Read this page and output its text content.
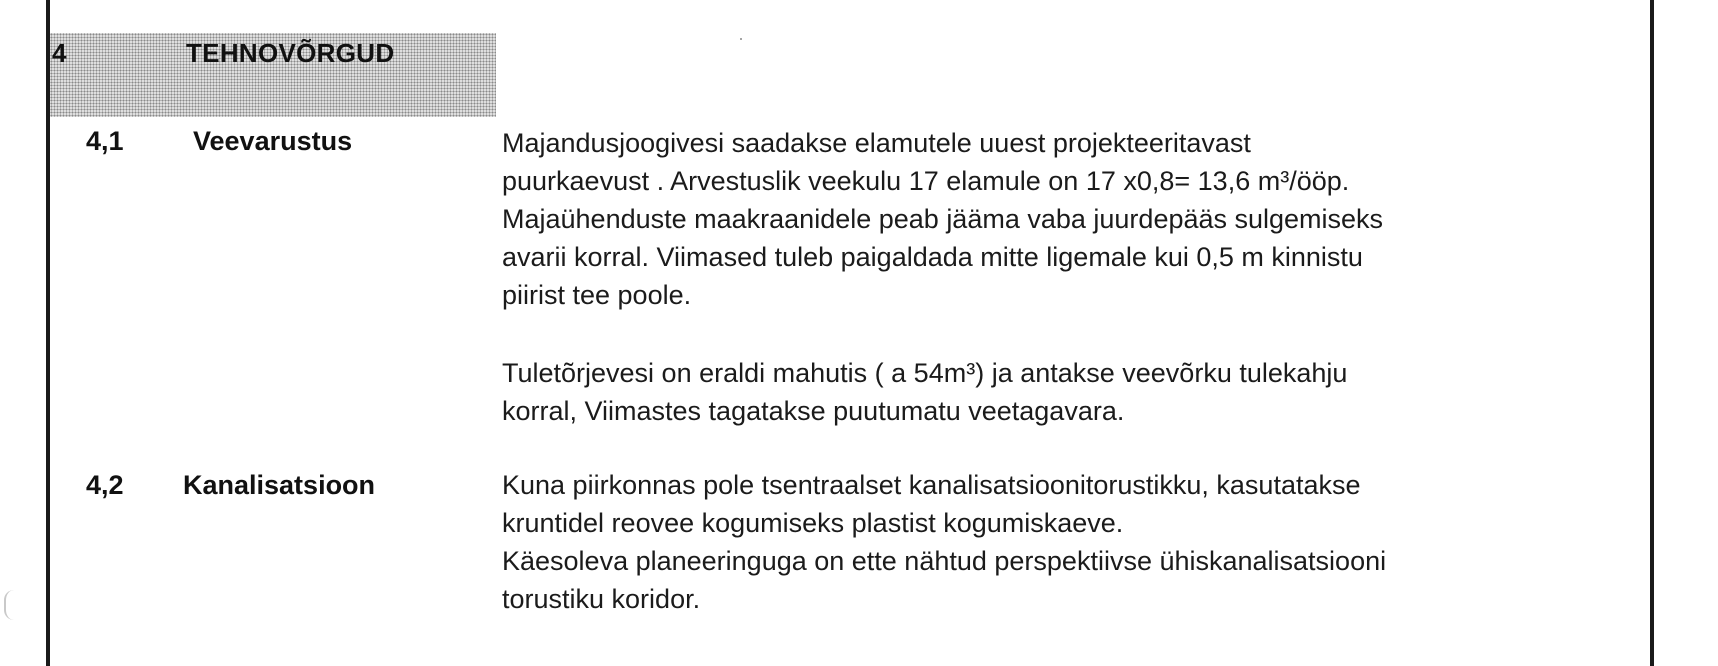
4	TEHNOVÕRGUD
4,1	Veevarustus	Majandusjoogivesi saadakse elamutele uuest projekteeritavast
puurkaevust . Arvestuslik veekulu 17 elamule on 17 x0,8= 13,6 m³/ööp.
Majaühenduste maakraanidele peab jääma vaba juurdepääs sulgemiseks
avarii korral. Viimased tuleb paigaldada mitte ligemale kui 0,5 m kinnistu
piirist tee poole.

Tuletõrjevesi on eraldi mahutis ( a 54m³) ja antakse veevõrku tulekahju
korral, Viimastes tagatakse puutumatu veetagavara.

4,2 Kanalisatsioon	Kuna piirkonnas pole tsentraalset kanalisatsioonitorustikku, kasutatakse
kruntidel reovee kogumiseks plastist kogumiskaeve.

Käesoleva planeeringuga on ette nähtud perspektiivse ühiskanalisatsiooni
torustiku koridor.
